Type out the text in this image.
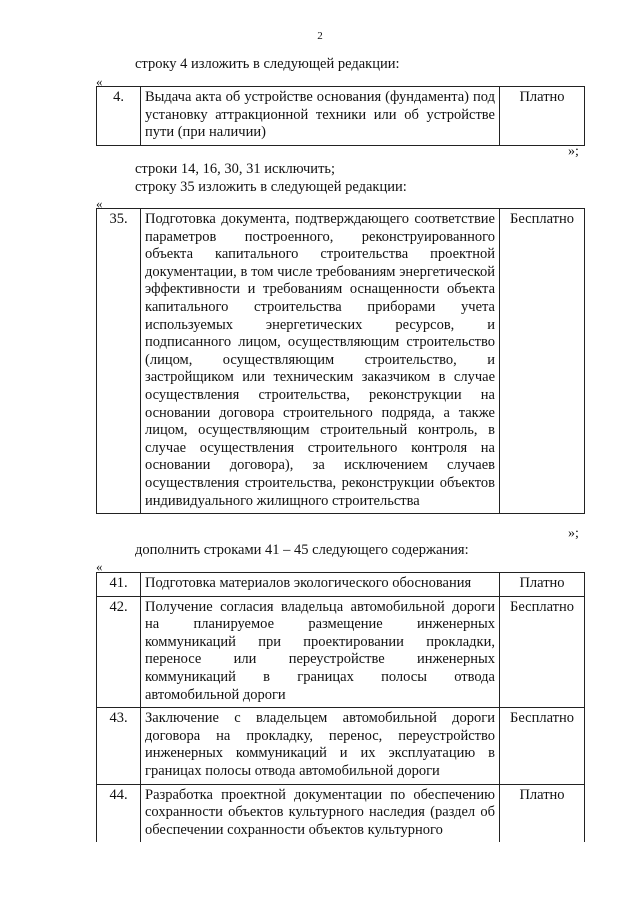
2
строку 4 изложить в следующей редакции:
«
4.	Выдача акта об устройстве основания (фундамента) под установку аттракционной техники или об устройстве пути (при наличии)	Платно
»;
строки 14, 16, 30, 31 исключить;
строку 35 изложить в следующей редакции:
«
35.	Подготовка документа, подтверждающего соответствие параметров построенного, реконструированного объекта капитального строительства проектной документации, в том числе требованиям энергетической эффективности и требованиям оснащенности объекта капитального строительства приборами учета используемых энергетических ресурсов, и подписанного лицом, осуществляющим строительство (лицом, осуществляющим строительство, и застройщиком или техническим заказчиком в случае осуществления строительства, реконструкции на основании договора строительного подряда, а также лицом, осуществляющим строительный контроль, в случае осуществления строительного контроля на основании договора), за исключением случаев осуществления строительства, реконструкции объектов индивидуального жилищного строительства	Бесплатно
»;
дополнить строками 41 – 45 следующего содержания:
«
41.	Подготовка материалов экологического обоснования	Платно
42.	Получение согласия владельца автомобильной дороги на планируемое размещение инженерных коммуникаций при проектировании прокладки, переносе или переустройстве инженерных коммуникаций в границах полосы отвода автомобильной дороги	Бесплатно
43.	Заключение с владельцем автомобильной дороги договора на прокладку, перенос, переустройство инженерных коммуникаций и их эксплуатацию в границах полосы отвода автомобильной дороги	Бесплатно
44.	Разработка проектной документации по обеспечению сохранности объектов культурного наследия (раздел об обеспечении сохранности объектов культурного	Платно
